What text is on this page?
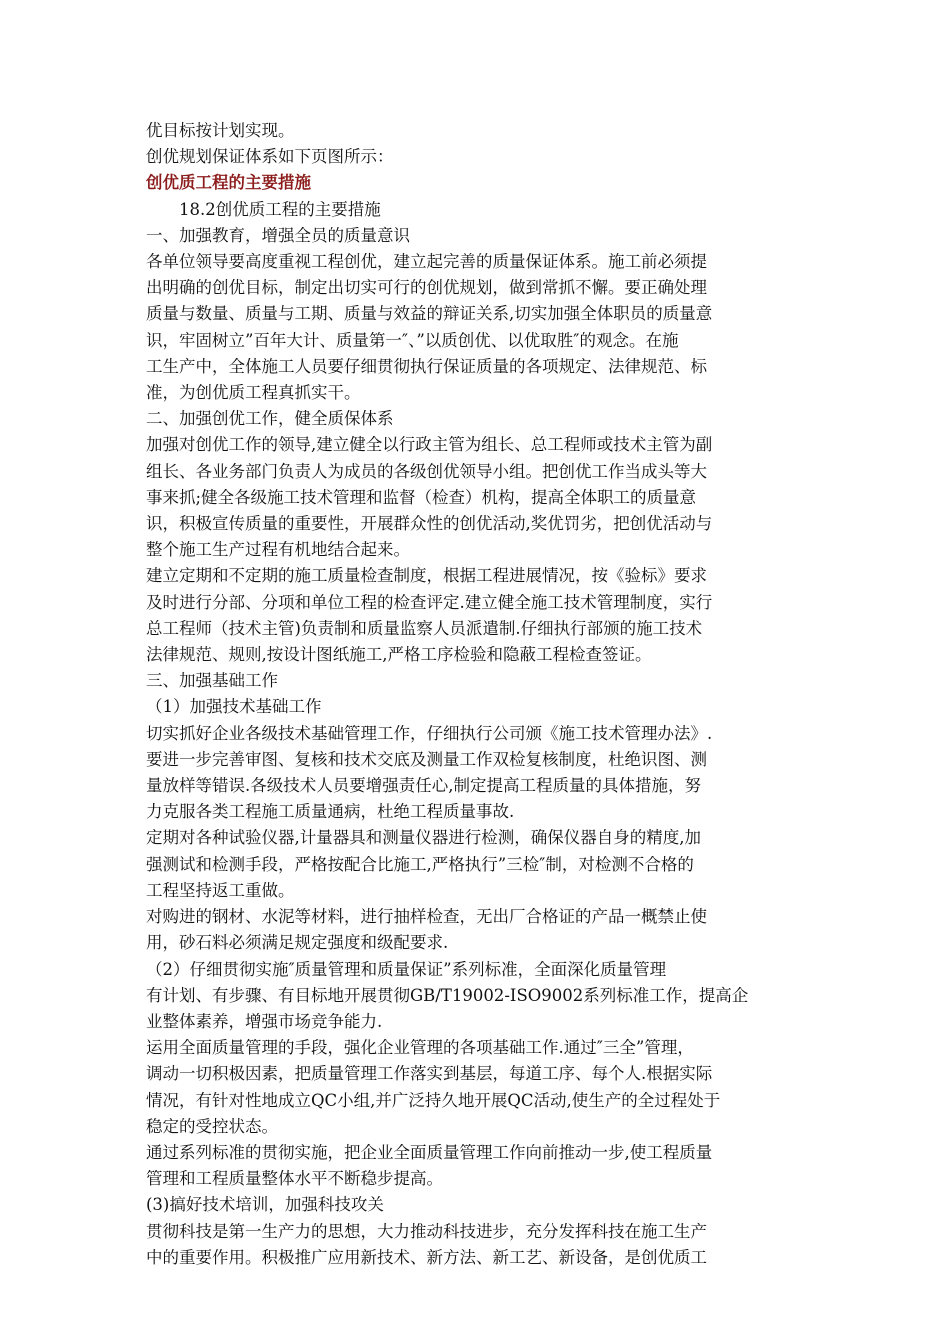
优目标按计划实现。
创优规划保证体系如下页图所示：
创优质工程的主要措施
18.2创优质工程的主要措施
一、加强教育，增强全员的质量意识
各单位领导要高度重视工程创优，建立起完善的质量保证体系。施工前必须提
出明确的创优目标，制定出切实可行的创优规划，做到常抓不懈。要正确处理
质量与数量、质量与工期、质量与效益的辩证关系,切实加强全体职员的质量意
识，牢固树立”百年大计、质量第一″、”以质创优、以优取胜″的观念。在施
工生产中，全体施工人员要仔细贯彻执行保证质量的各项规定、法律规范、标
准，为创优质工程真抓实干。
二、加强创优工作，健全质保体系
加强对创优工作的领导,建立健全以行政主管为组长、总工程师或技术主管为副
组长、各业务部门负责人为成员的各级创优领导小组。把创优工作当成头等大
事来抓;健全各级施工技术管理和监督（检查）机构，提高全体职工的质量意
识，积极宣传质量的重要性，开展群众性的创优活动,奖优罚劣，把创优活动与
整个施工生产过程有机地结合起来。
建立定期和不定期的施工质量检查制度，根据工程进展情况，按《验标》要求
及时进行分部、分项和单位工程的检查评定.建立健全施工技术管理制度，实行
总工程师（技术主管)负责制和质量监察人员派遣制.仔细执行部颁的施工技术
法律规范、规则,按设计图纸施工,严格工序检验和隐蔽工程检查签证。
三、加强基础工作
（1）加强技术基础工作
切实抓好企业各级技术基础管理工作，仔细执行公司颁《施工技术管理办法》.
要进一步完善审图、复核和技术交底及测量工作双检复核制度，杜绝识图、测
量放样等错误.各级技术人员要增强责任心,制定提高工程质量的具体措施，努
力克服各类工程施工质量通病，杜绝工程质量事故.
定期对各种试验仪器,计量器具和测量仪器进行检测，确保仪器自身的精度,加
强测试和检测手段，严格按配合比施工,严格执行”三检″制，对检测不合格的
工程坚持返工重做。
对购进的钢材、水泥等材料，进行抽样检查，无出厂合格证的产品一概禁止使
用，砂石料必须满足规定强度和级配要求.
（2）仔细贯彻实施″质量管理和质量保证”系列标准，全面深化质量管理
有计划、有步骤、有目标地开展贯彻GB/T19002-ISO9002系列标准工作，提高企
业整体素养，增强市场竞争能力.
运用全面质量管理的手段，强化企业管理的各项基础工作.通过″三全”管理，
调动一切积极因素，把质量管理工作落实到基层，每道工序、每个人.根据实际
情况，有针对性地成立QC小组,并广泛持久地开展QC活动,使生产的全过程处于
稳定的受控状态。
通过系列标准的贯彻实施，把企业全面质量管理工作向前推动一步,使工程质量
管理和工程质量整体水平不断稳步提高。
(3)搞好技术培训，加强科技攻关
贯彻科技是第一生产力的思想，大力推动科技进步，充分发挥科技在施工生产
中的重要作用。积极推广应用新技术、新方法、新工艺、新设备，是创优质工
